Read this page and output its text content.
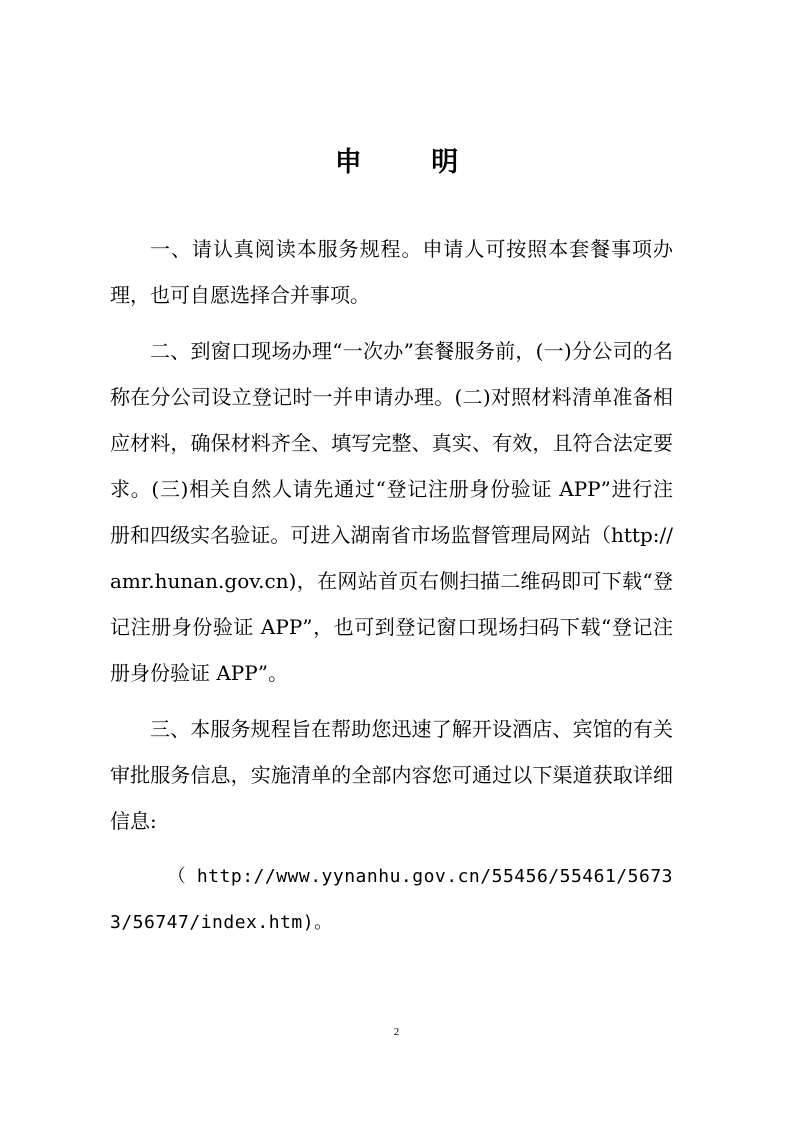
申 明

一、请认真阅读本服务规程。申请人可按照本套餐事项办理，也可自愿选择合并事项。

二、到窗口现场办理“一次办”套餐服务前，(一)分公司的名称在分公司设立登记时一并申请办理。(二)对照材料清单准备相应材料，确保材料齐全、填写完整、真实、有效，且符合法定要求。(三)相关自然人请先通过“登记注册身份验证 APP”进行注册和四级实名验证。可进入湖南省市场监督管理局网站（http://amr.hunan.gov.cn)，在网站首页右侧扫描二维码即可下载“登记注册身份验证 APP”，也可到登记窗口现场扫码下载“登记注册身份验证 APP”。

三、本服务规程旨在帮助您迅速了解开设酒店、宾馆的有关审批服务信息，实施清单的全部内容您可通过以下渠道获取详细信息:

（http://www.yynanhu.gov.cn/55456/55461/56733/56747/index.htm)。

2
